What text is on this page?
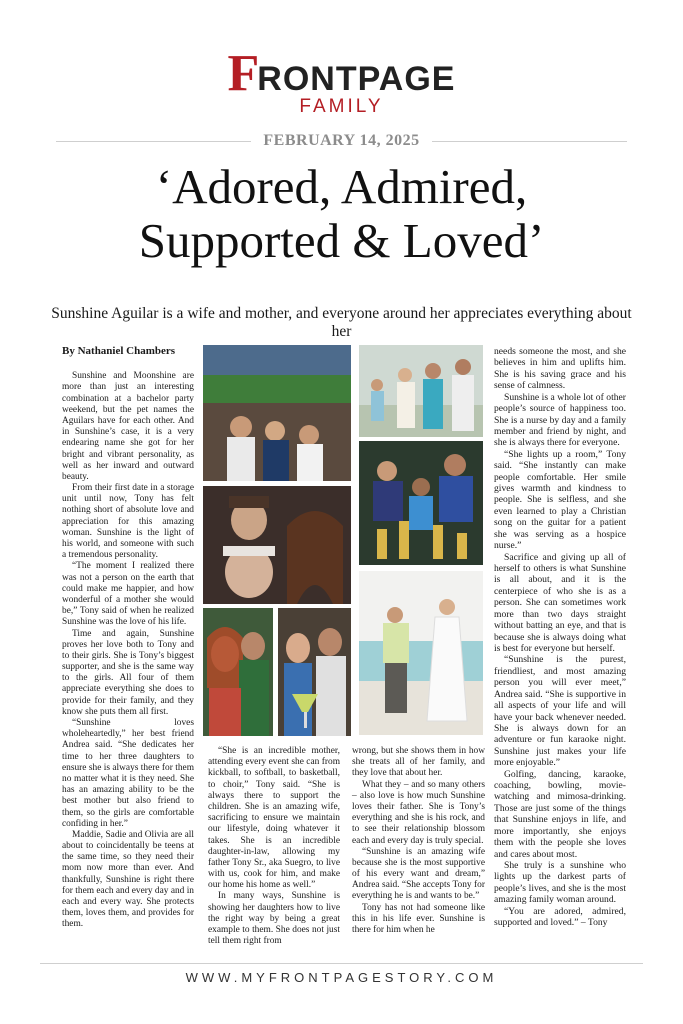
F
RONTPAGE
FAMILY
FEBRUARY 14, 2025
‘Adored, Admired,
Supported & Loved’
Sunshine Aguilar is a wife and mother, and everyone around her appreciates everything about her

By Nathaniel Chambers

Sunshine and Moonshine are more than just an interesting combination at a bachelor party weekend, but the pet names the Aguilars have for each other. And in Sunshine’s case, it is a very endearing name she got for her bright and vibrant personality, as well as her inward and outward beauty.

From their first date in a storage unit until now, Tony has felt nothing short of absolute love and appreciation for this amazing woman. Sunshine is the light of his world, and someone with such a tremendous personality.

“The moment I realized there was not a person on the earth that could make me happier, and how wonderful of a mother she would be,” Tony said of when he realized Sunshine was the love of his life.

Time and again, Sunshine proves her love both to Tony and to their girls. She is Tony’s biggest supporter, and she is the same way to the girls. All four of them appreciate everything she does to provide for their family, and they know she puts them all first.

“Sunshine loves wholeheartedly,” her best friend Andrea said. “She dedicates her time to her three daughters to ensure she is always there for them no matter what it is they need. She has an amazing ability to be the best mother but also friend to them, so the girls are comfortable confiding in her.”

Maddie, Sadie and Olivia are all about to coincidentally be teens at the same time, so they need their mom now more than ever. And thankfully, Sunshine is right there for them each and every day and in each and every way. She protects them, loves them, and provides for them.

“She is an incredible mother, attending every event she can from kickball, to softball, to basketball, to choir,” Tony said. “She is always there to support the children. She is an amazing wife, sacrificing to ensure we maintain our lifestyle, doing whatever it takes. She is an incredible daughter-in-law, allowing my father Tony Sr., aka Suegro, to live with us, cook for him, and make our home his home as well.”

In many ways, Sunshine is showing her daughters how to live the right way by being a great example to them. She does not just tell them right from

wrong, but she shows them in how she treats all of her family, and they love that about her.

What they – and so many others – also love is how much Sunshine loves their father. She is Tony’s everything and she is his rock, and to see their relationship blossom each and every day is truly special.

“Sunshine is an amazing wife because she is the most supportive of his every want and dream,” Andrea said. “She accepts Tony for everything he is and wants to be.”

Tony has not had someone like this in his life ever. Sunshine is there for him when he

needs someone the most, and she believes in him and uplifts him. She is his saving grace and his sense of calmness.

Sunshine is a whole lot of other people’s source of happiness too. She is a nurse by day and a family member and friend by night, and she is always there for everyone.

“She lights up a room,” Tony said. “She instantly can make people comfortable. Her smile gives warmth and kindness to people. She is selfless, and she even learned to play a Christian song on the guitar for a patient she was serving as a hospice nurse.”

Sacrifice and giving up all of herself to others is what Sunshine is all about, and it is the centerpiece of who she is as a person. She can sometimes work more than two days straight without batting an eye, and that is because she is always doing what is best for everyone but herself.

“Sunshine is the purest, friendliest, and most amazing person you will ever meet,” Andrea said. “She is supportive in all aspects of your life and will have your back whenever needed. She is always down for an adventure or fun karaoke night. Sunshine just makes your life more enjoyable.”

Golfing, dancing, karaoke, coaching, bowling, movie-watching and mimosa-drinking. Those are just some of the things that Sunshine enjoys in life, and more importantly, she enjoys them with the people she loves and cares about most.

She truly is a sunshine who lights up the darkest parts of people’s lives, and she is the most amazing family woman around.

“You are adored, admired, supported and loved.” – Tony

WWW.MYFRONTPAGESTORY.COM
